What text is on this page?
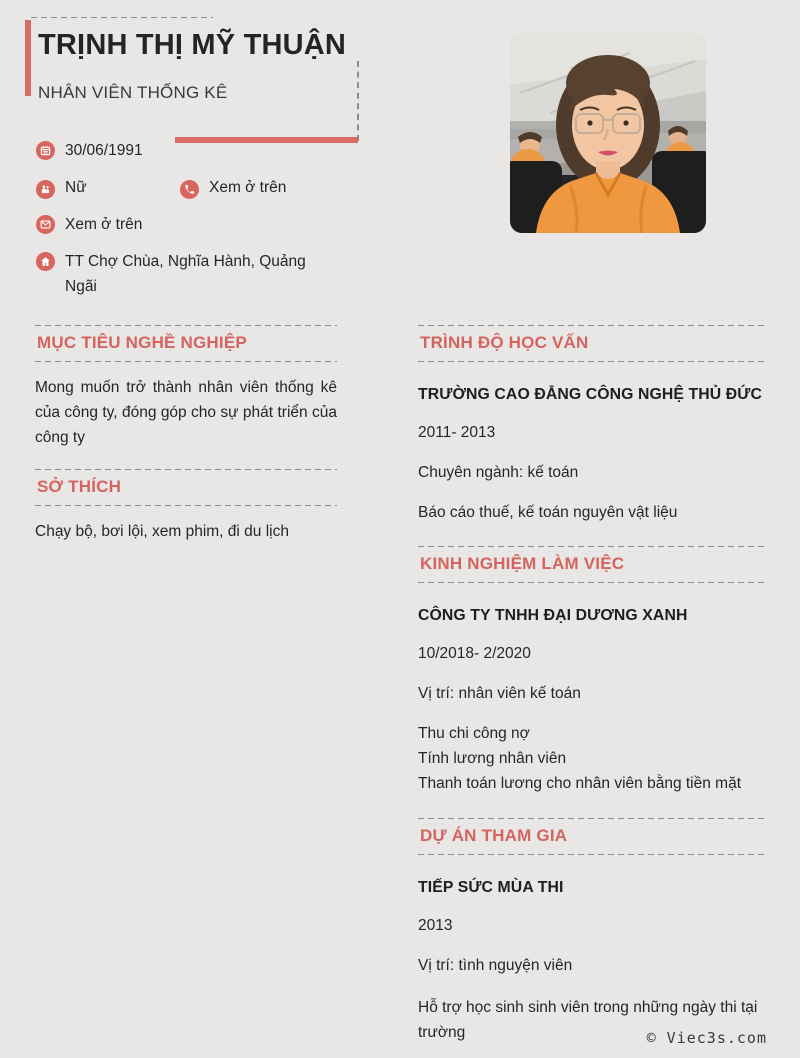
TRỊNH THỊ MỸ THUẬN
NHÂN VIÊN THỐNG KÊ
30/06/1991
Nữ	Xem ở trên
Xem ở trên
TT Chợ Chùa, Nghĩa Hành, Quảng Ngãi
MỤC TIÊU NGHỀ NGHIỆP

Mong muốn trở thành nhân viên thống kê của công ty, đóng góp cho sự phát triển của công ty

SỞ THÍCH

Chạy bộ, bơi lội, xem phim, đi du lịch

TRÌNH ĐỘ HỌC VẤN
TRƯỜNG CAO ĐẲNG CÔNG NGHỆ THỦ ĐỨC
2011- 2013
Chuyên ngành: kế toán
Báo cáo thuế, kế toán nguyên vật liệu
KINH NGHIỆM LÀM VIỆC
CÔNG TY TNHH ĐẠI DƯƠNG XANH
10/2018- 2/2020
Vị trí: nhân viên kế toán
Thu chi công nợ
Tính lương nhân viên
Thanh toán lương cho nhân viên bằng tiền mặt
DỰ ÁN THAM GIA
TIẾP SỨC MÙA THI
2013
Vị trí: tình nguyện viên
Hỗ trợ học sinh sinh viên trong những ngày thi tại trường	© Viec3s.com
